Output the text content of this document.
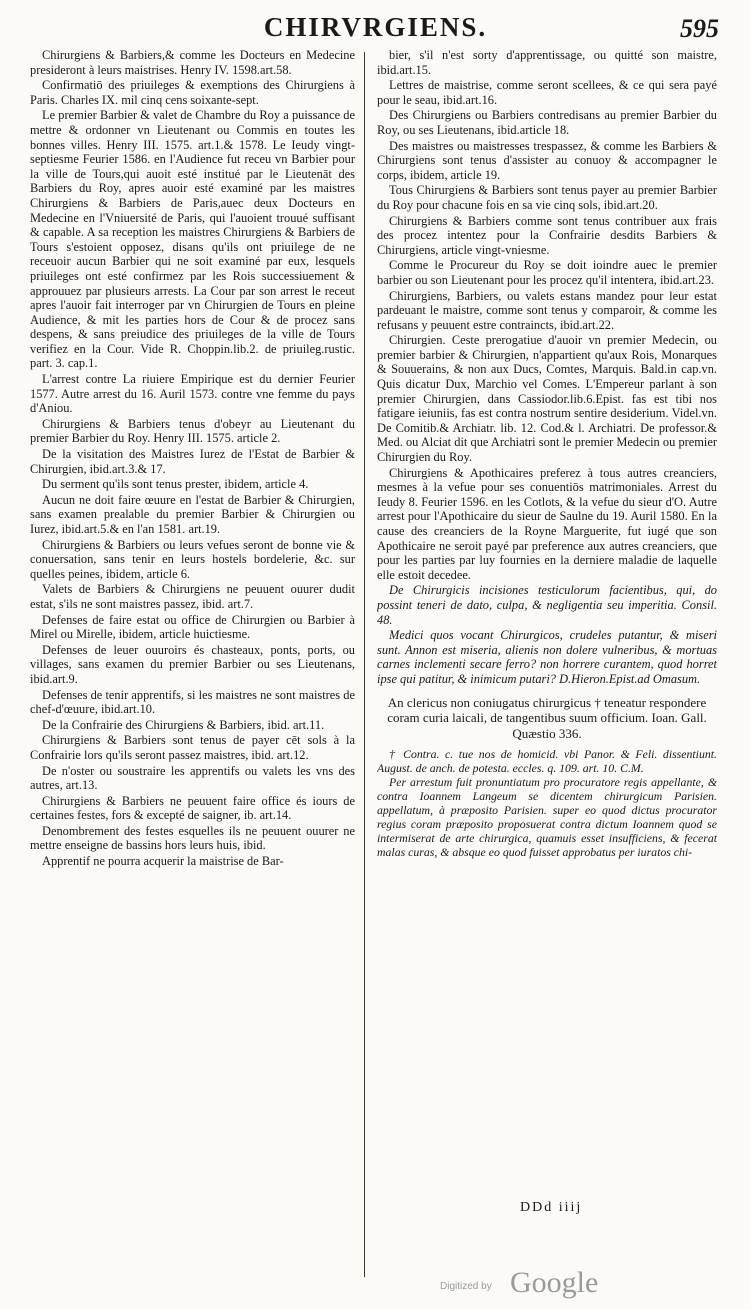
CHIRVRGIENS.	595

Chirurgiens & Barbiers,& comme les Docteurs en Medecine presideront à leurs maistrises. Henry IV. 1598.art.58.

Confirmatiō des priuileges & exemptions des Chirurgiens à Paris. Charles IX. mil cinq cens soixante-sept.

Le premier Barbier & valet de Chambre du Roy a puissance de mettre & ordonner vn Lieutenant ou Commis en toutes les bonnes villes. Henry III. 1575. art.1.& 1578. Le Ieudy vingt-septiesme Feurier 1586. en l'Audience fut receu vn Barbier pour la ville de Tours,qui auoit esté institué par le Lieutenāt des Barbiers du Roy, apres auoir esté examiné par les maistres Chirurgiens & Barbiers de Paris,auec deux Docteurs en Medecine en l'Vniuersité de Paris, qui l'auoient trouué suffisant & capable. A sa reception les maistres Chirurgiens & Barbiers de Tours s'estoient opposez, disans qu'ils ont priuilege de ne receuoir aucun Barbier qui ne soit examiné par eux, lesquels priuileges ont esté confirmez par les Rois successiuement & approuuez par plusieurs arrests. La Cour par son arrest le receut apres l'auoir fait interroger par vn Chirurgien de Tours en pleine Audience, & mit les parties hors de Cour & de procez sans despens, & sans preiudice des priuileges de la ville de Tours verifiez en la Cour. Vide R. Choppin.lib.2. de priuileg.rustic. part. 3. cap.1.

L'arrest contre La riuiere Empirique est du dernier Feurier 1577. Autre arrest du 16. Auril 1573. contre vne femme du pays d'Aniou.

Chirurgiens & Barbiers tenus d'obeyr au Lieutenant du premier Barbier du Roy. Henry III. 1575. article 2.

De la visitation des Maistres Iurez de l'Estat de Barbier & Chirurgien, ibid.art.3.& 17.

Du serment qu'ils sont tenus prester, ibidem, article 4.

Aucun ne doit faire œuure en l'estat de Barbier & Chirurgien, sans examen prealable du premier Barbier & Chirurgien ou Iurez, ibid.art.5.& en l'an 1581. art.19.

Chirurgiens & Barbiers ou leurs vefues seront de bonne vie & conuersation, sans tenir en leurs hostels bordelerie, &c. sur quelles peines, ibidem, article 6.

Valets de Barbiers & Chirurgiens ne peuuent ouurer dudit estat, s'ils ne sont maistres passez, ibid. art.7.

Defenses de faire estat ou office de Chirurgien ou Barbier à Mirel ou Mirelle, ibidem, article huictiesme.

Defenses de leuer ouuroirs és chasteaux, ponts, ports, ou villages, sans examen du premier Barbier ou ses Lieutenans, ibid.art.9.

Defenses de tenir apprentifs, si les maistres ne sont maistres de chef-d'œuure, ibid.art.10.

De la Confrairie des Chirurgiens & Barbiers, ibid. art.11.

Chirurgiens & Barbiers sont tenus de payer cēt sols à la Confrairie lors qu'ils seront passez maistres, ibid. art.12.

De n'oster ou soustraire les apprentifs ou valets les vns des autres, art.13.

Chirurgiens & Barbiers ne peuuent faire office és iours de certaines festes, fors & excepté de saigner, ib. art.14.

Denombrement des festes esquelles ils ne peuuent ouurer ne mettre enseigne de bassins hors leurs huis, ibid.

Apprentif ne pourra acquerir la maistrise de Bar-

bier, s'il n'est sorty d'apprentissage, ou quitté son maistre, ibid.art.15.

Lettres de maistrise, comme seront scellees, & ce qui sera payé pour le seau, ibid.art.16.

Des Chirurgiens ou Barbiers contredisans au premier Barbier du Roy, ou ses Lieutenans, ibid.article 18.

Des maistres ou maistresses trespassez, & comme les Barbiers & Chirurgiens sont tenus d'assister au conuoy & accompagner le corps, ibidem, article 19.

Tous Chirurgiens & Barbiers sont tenus payer au premier Barbier du Roy pour chacune fois en sa vie cinq sols, ibid.art.20.

Chirurgiens & Barbiers comme sont tenus contribuer aux frais des procez intentez pour la Confrairie desdits Barbiers & Chirurgiens, article vingt-vniesme.

Comme le Procureur du Roy se doit ioindre auec le premier barbier ou son Lieutenant pour les procez qu'il intentera, ibid.art.23.

Chirurgiens, Barbiers, ou valets estans mandez pour leur estat pardeuant le maistre, comme sont tenus y comparoir, & comme les refusans y peuuent estre contraincts, ibid.art.22.

Chirurgien. Ceste prerogatiue d'auoir vn premier Medecin, ou premier barbier & Chirurgien, n'appartient qu'aux Rois, Monarques & Souuerains, & non aux Ducs, Comtes, Marquis. Bald.in cap.vn. Quis dicatur Dux, Marchio vel Comes. L'Empereur parlant à son premier Chirurgien, dans Cassiodor.lib.6.Epist. fas est tibi nos fatigare ieiuniis, fas est contra nostrum sentire desiderium. Videl.vn. De Comitib.& Archiatr. lib. 12. Cod.& l. Archiatri. De professor.& Med. ou Alciat dit que Archiatri sont le premier Medecin ou premier Chirurgien du Roy.

Chirurgiens & Apothicaires preferez à tous autres creanciers, mesmes à la vefue pour ses conuentiōs matrimoniales. Arrest du Ieudy 8. Feurier 1596. en les Cotlots, & la vefue du sieur d'O. Autre arrest pour l'Apothicaire du sieur de Saulne du 19. Auril 1580. En la cause des creanciers de la Royne Marguerite, fut iugé que son Apothicaire ne seroit payé par preference aux autres creanciers, que pour les parties par luy fournies en la derniere maladie de laquelle elle estoit decedee.

De Chirurgicis incisiones testiculorum facientibus, qui, do possint teneri de dato, culpa, & negligentia seu imperitia. Consil. 48.

Medici quos vocant Chirurgicos, crudeles putantur, & miseri sunt. Annon est miseria, alienis non dolere vulneribus, & mortuas carnes inclementi secare ferro? non horrere curantem, quod horret ipse qui patitur, & inimicum putari? D.Hieron.Epist.ad Omasum.

An clericus non coniugatus chirurgicus † teneatur respondere coram curia laicali, de tangentibus suum officium. Ioan. Gall.
Quæstio 336.

† Contra. c. tue nos de homicid. vbi Panor. & Feli. dissentiunt. August. de anch. de potesta. eccles. q. 109. art. 10. C.M.

Per arrestum fuit pronuntiatum pro procuratore regis appellante, & contra Ioannem Langeum se dicentem chirurgicum Parisien. appellatum, à præposito Parisien. super eo quod dictus procurator regius coram præposito proposuerat contra dictum Ioannem quod se intermiserat de arte chirurgica, quamuis esset insufficiens, & fecerat malas curas, & absque eo quod fuisset approbatus per iuratos chi-

DDd iiij
Digitized by Google
